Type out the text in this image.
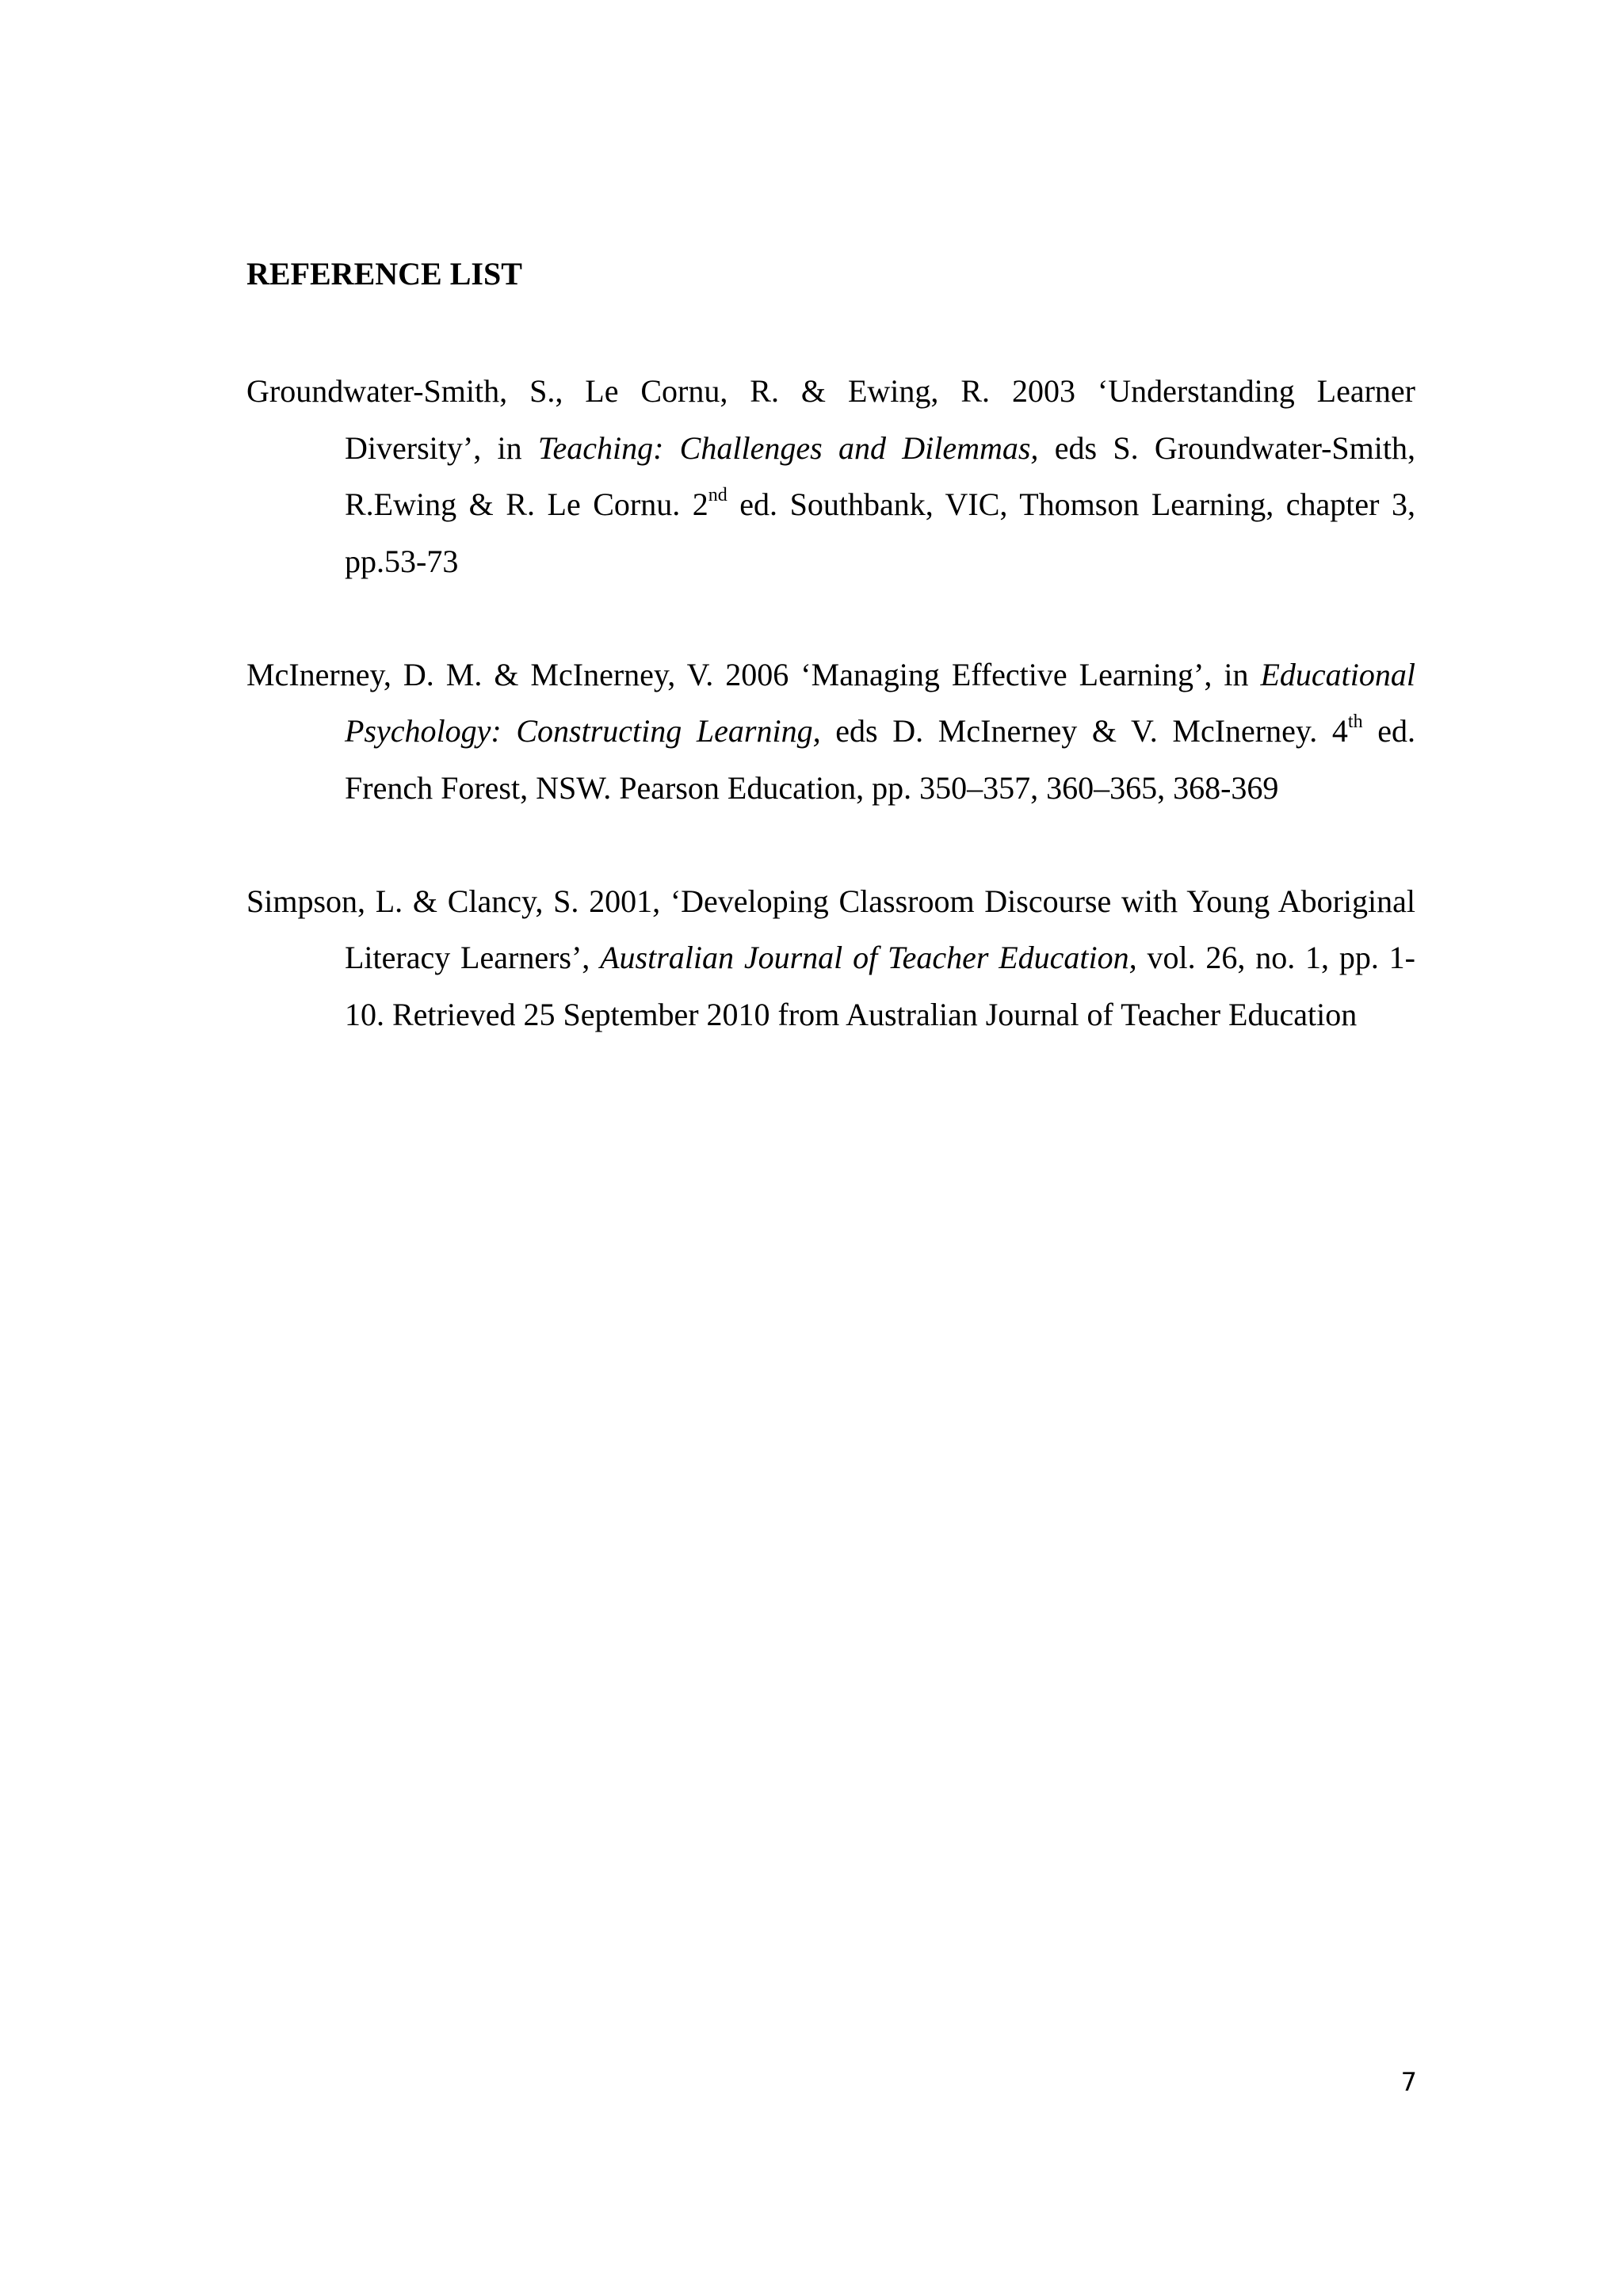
REFERENCE LIST

Groundwater-Smith, S., Le Cornu, R. & Ewing, R. 2003 ‘Understanding Learner Diversity’, in Teaching: Challenges and Dilemmas, eds S. Groundwater-Smith, R.Ewing & R. Le Cornu. 2nd ed. Southbank, VIC, Thomson Learning, chapter 3, pp.53-73

McInerney, D. M. & McInerney, V. 2006 ‘Managing Effective Learning’, in Educational Psychology: Constructing Learning, eds D. McInerney & V. McInerney. 4th ed. French Forest, NSW. Pearson Education, pp. 350–357, 360–365, 368-369

Simpson, L. & Clancy, S. 2001, ‘Developing Classroom Discourse with Young Aboriginal Literacy Learners’, Australian Journal of Teacher Education, vol. 26, no. 1, pp. 1-10. Retrieved 25 September 2010 from Australian Journal of Teacher Education

7
